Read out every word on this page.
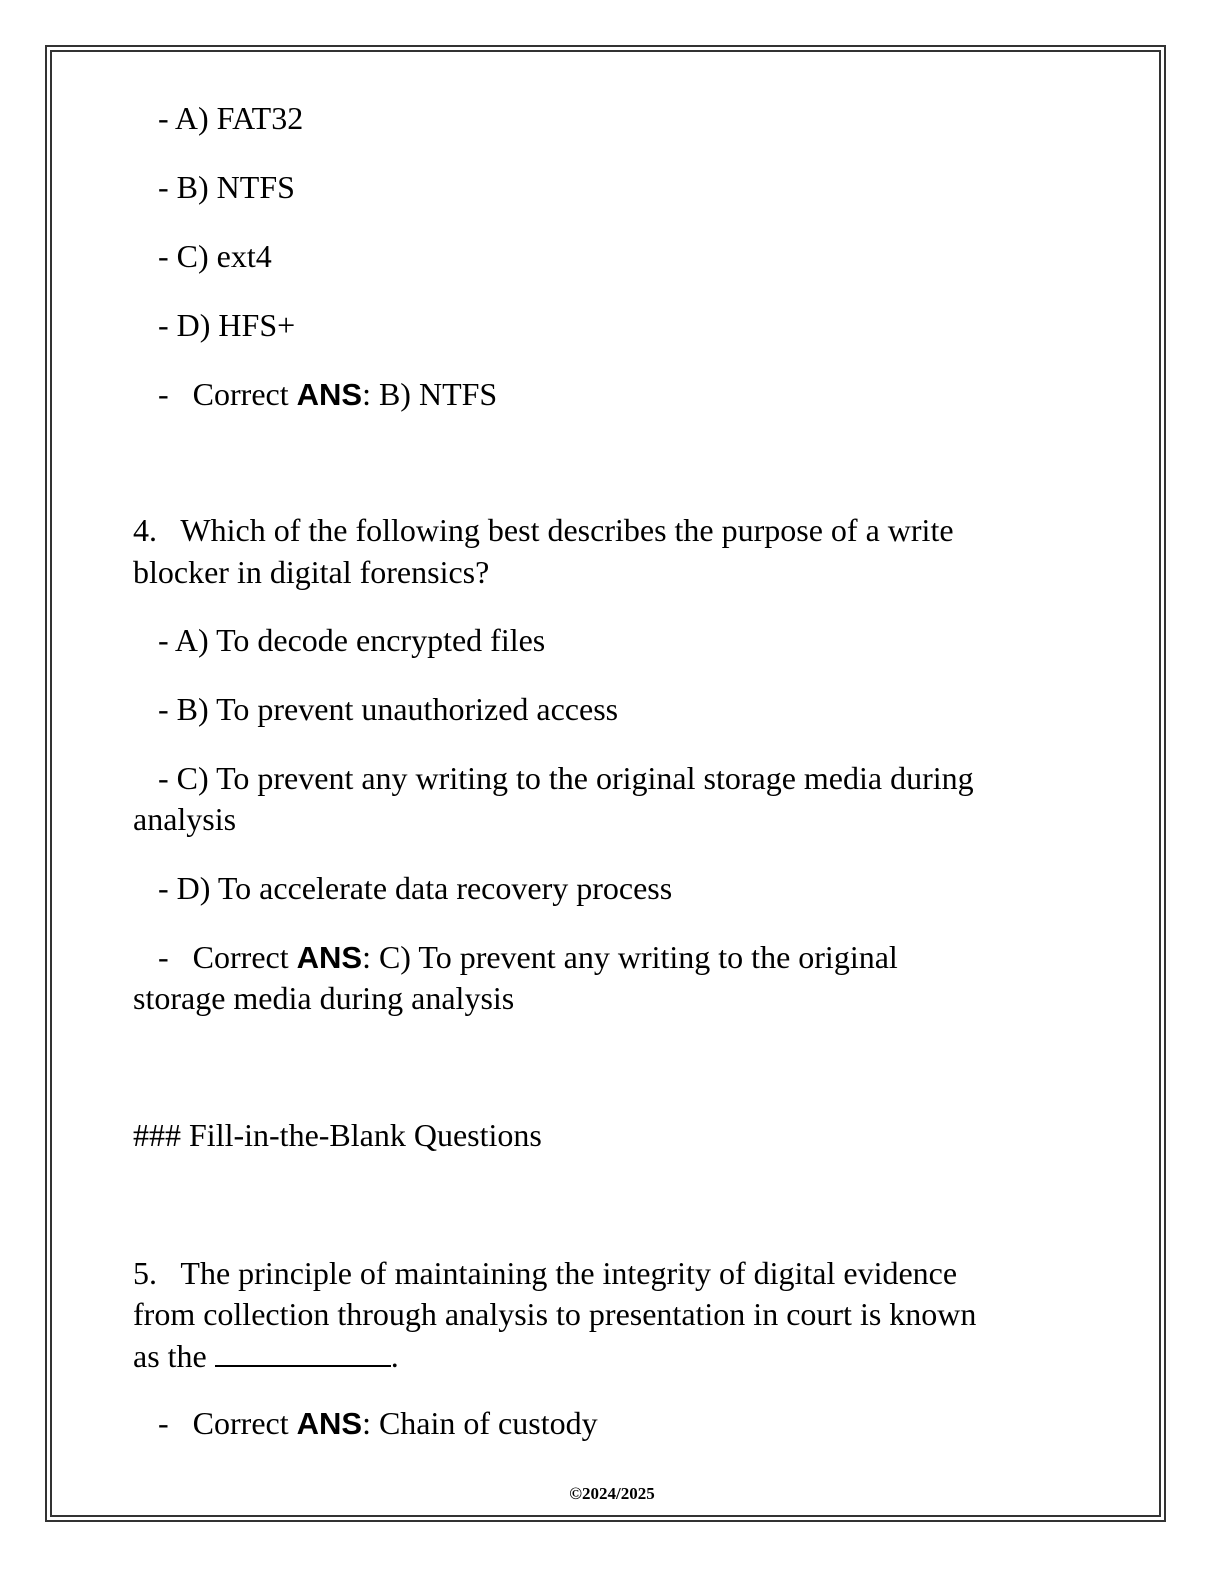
- A) FAT32
- B) NTFS
- C) ext4
- D) HFS+
-   Correct ANS: B) NTFS
4.   Which of the following best describes the purpose of a write
blocker in digital forensics?
- A) To decode encrypted files
- B) To prevent unauthorized access
- C) To prevent any writing to the original storage media during
analysis
- D) To accelerate data recovery process
-   Correct ANS: C) To prevent any writing to the original
storage media during analysis
### Fill-in-the-Blank Questions
5.   The principle of maintaining the integrity of digital evidence
from collection through analysis to presentation in court is known
as the	.
-   Correct ANS: Chain of custody
©2024/2025
